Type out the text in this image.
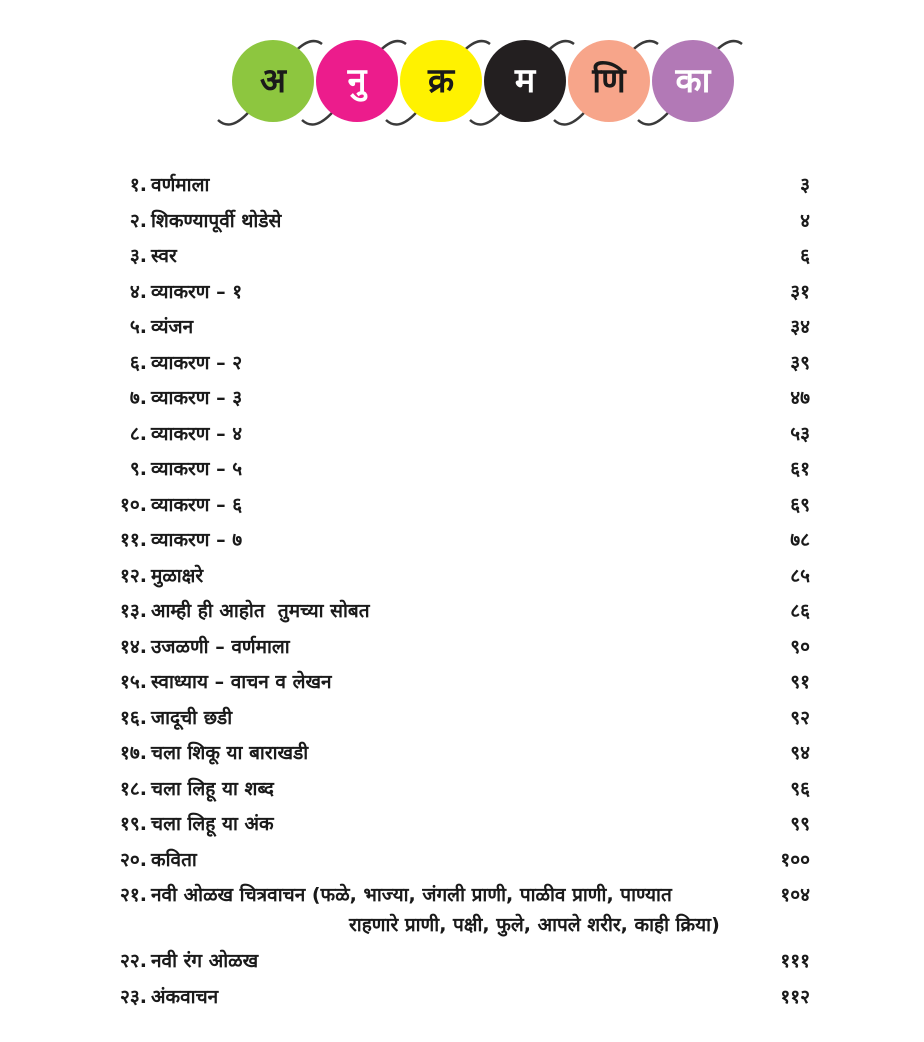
अ नु क्र म णि का
१. वर्णमाला	३
२. शिकण्यापूर्वी थोडेसे	४
३. स्वर	६
४. व्याकरण – १	३१
५. व्यंजन	३४
६. व्याकरण – २	३९
७. व्याकरण – ३	४७
८. व्याकरण – ४	५३
९. व्याकरण – ५	६१
१०. व्याकरण – ६	६९
११. व्याकरण – ७	७८
१२. मुळाक्षरे	८५
१३. आम्ही ही आहोत  तुमच्या सोबत	८६
१४. उजळणी – वर्णमाला	९०
१५. स्वाध्याय – वाचन व लेखन	९१
१६. जादूची छडी	९२
१७. चला शिकू या बाराखडी	९४
१८. चला लिहू या शब्द	९६
१९. चला लिहू या अंक	९९
२०. कविता	१००
२१. नवी ओळख चित्रवाचन (फळे, भाज्या, जंगली प्राणी, पाळीव प्राणी, पाण्यात
राहणारे प्राणी, पक्षी, फुले, आपले शरीर, काही क्रिया)
१०४
२२. नवी रंग ओळख	१११
२३. अंकवाचन	११२
